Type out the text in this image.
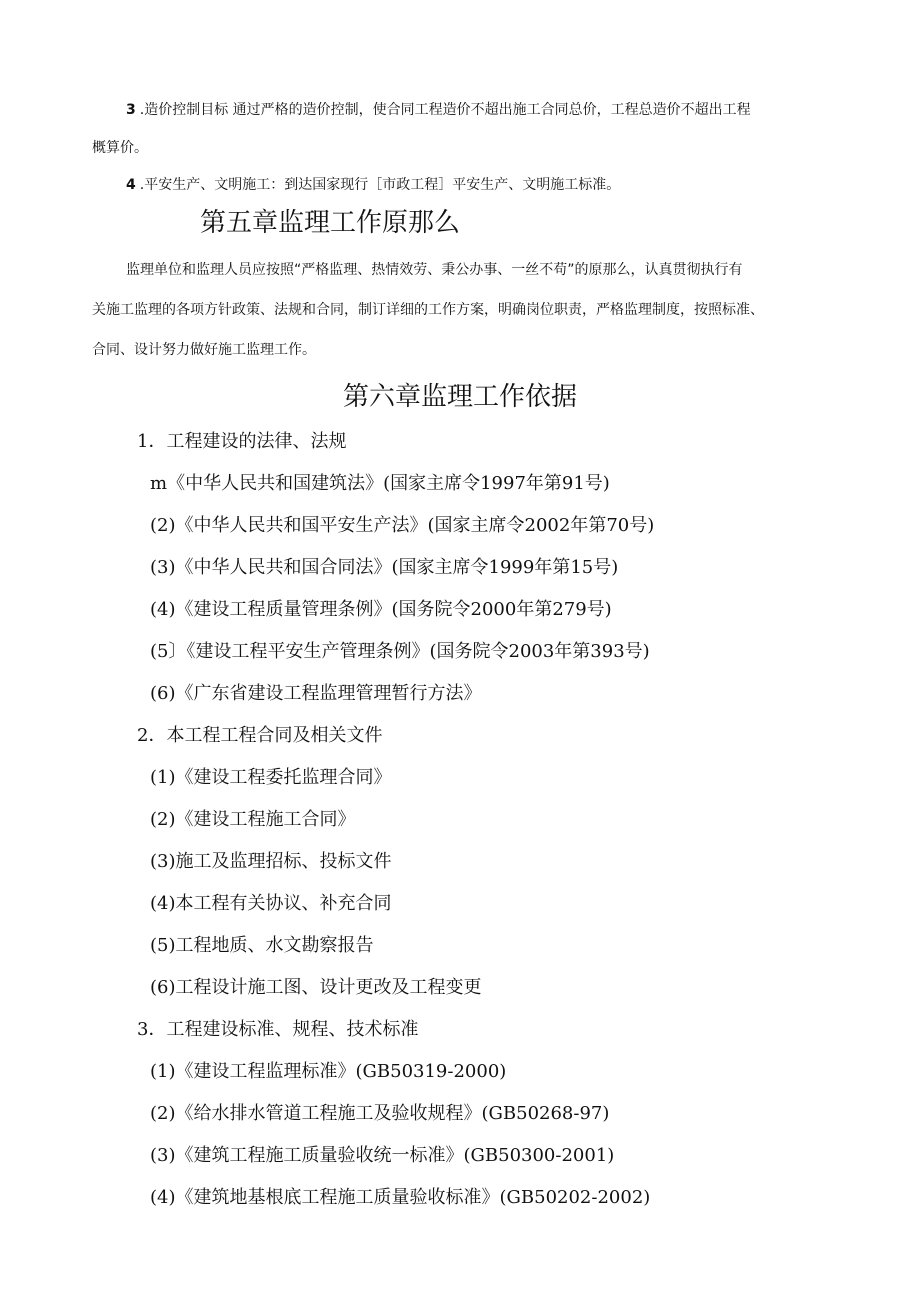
3 .造价控制目标 通过严格的造价控制，使合同工程造价不超出施工合同总价，工程总造价不超出工程
概算价。
4 .平安生产、文明施工：到达国家现行［市政工程］平安生产、文明施工标准。
第五章监理工作原那么
监理单位和监理人员应按照“严格监理、热情效劳、秉公办事、一丝不苟”的原那么，认真贯彻执行有
关施工监理的各项方针政策、法规和合同，制订详细的工作方案，明确岗位职责，严格监理制度，按照标准、
合同、设计努力做好施工监理工作。
第六章监理工作依据
1．工程建设的法律、法规
m《中华人民共和国建筑法》(国家主席令1997年第91号)
(2)《中华人民共和国平安生产法》(国家主席令2002年第70号)
(3)《中华人民共和国合同法》(国家主席令1999年第15号)
(4)《建设工程质量管理条例》(国务院令2000年第279号)
(5〕《建设工程平安生产管理条例》(国务院令2003年第393号)
(6)《广东省建设工程监理管理暂行方法》
2．本工程工程合同及相关文件
(1)《建设工程委托监理合同》
(2)《建设工程施工合同》
(3)施工及监理招标、投标文件
(4)本工程有关协议、补充合同
(5)工程地质、水文勘察报告
(6)工程设计施工图、设计更改及工程变更
3．工程建设标准、规程、技术标准
(1)《建设工程监理标准》(GB50319-2000)
(2)《给水排水管道工程施工及验收规程》(GB50268-97)
(3)《建筑工程施工质量验收统一标准》(GB50300-2001)
(4)《建筑地基根底工程施工质量验收标准》(GB50202-2002)
